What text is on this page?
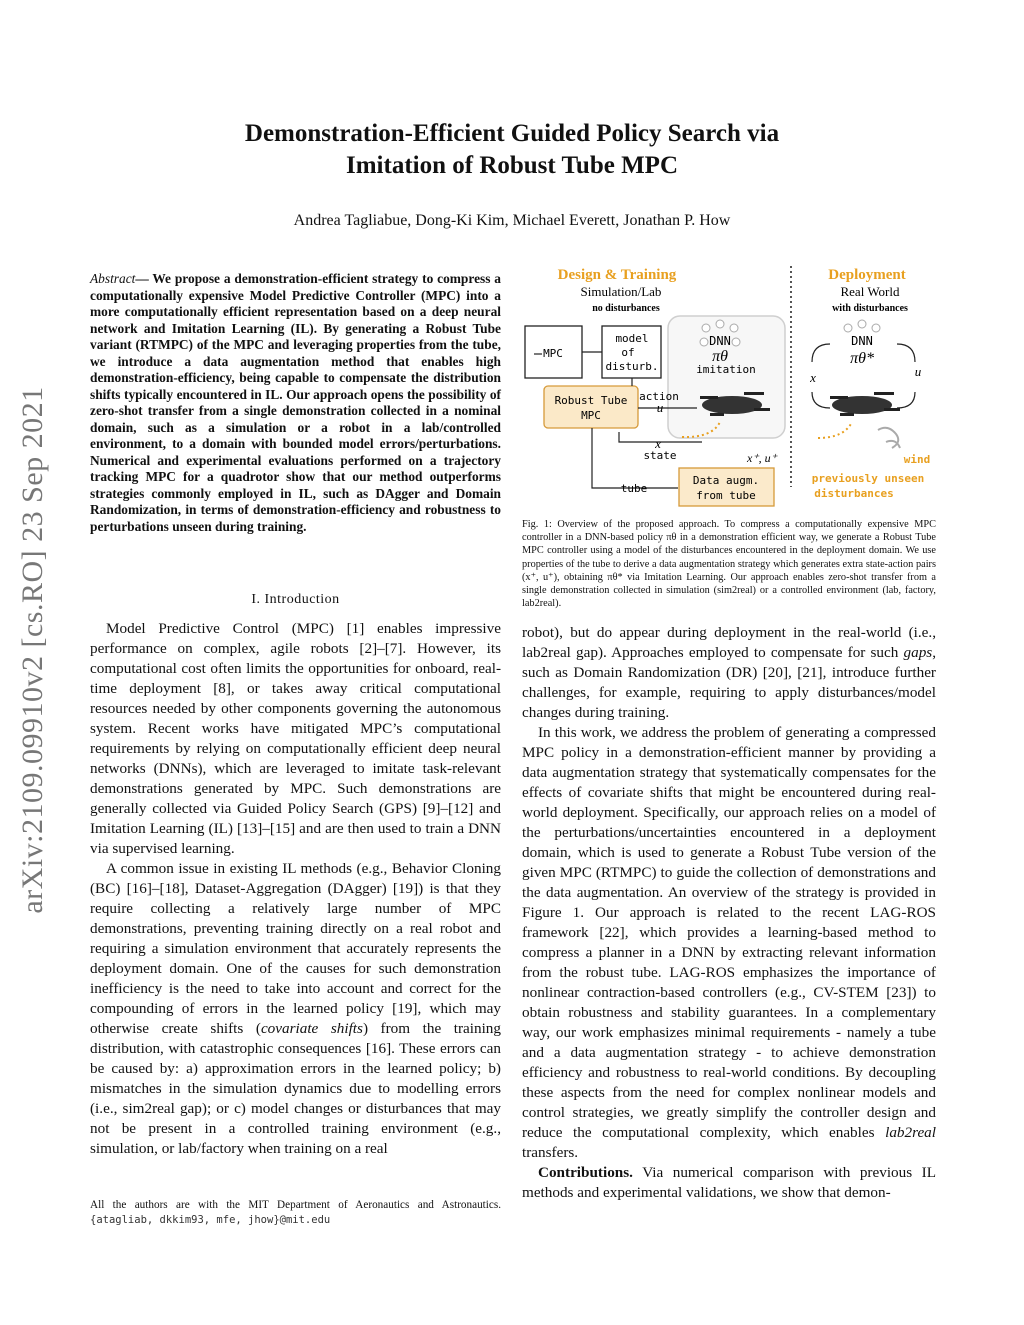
Demonstration-Efficient Guided Policy Search via
Imitation of Robust Tube MPC
Andrea Tagliabue, Dong-Ki Kim, Michael Everett, Jonathan P. How
arXiv:2109.09910v2 [cs.RO] 23 Sep 2021
Abstract— We propose a demonstration-efficient strategy to compress a computationally expensive Model Predictive Controller (MPC) into a more computationally efficient representation based on a deep neural network and Imitation Learning (IL). By generating a Robust Tube variant (RTMPC) of the MPC and leveraging properties from the tube, we introduce a data augmentation method that enables high demonstration-efficiency, being capable to compensate the distribution shifts typically encountered in IL. Our approach opens the possibility of zero-shot transfer from a single demonstration collected in a nominal domain, such as a simulation or a robot in a lab/controlled environment, to a domain with bounded model errors/perturbations. Numerical and experimental evaluations performed on a trajectory tracking MPC for a quadrotor show that our method outperforms strategies commonly employed in IL, such as DAgger and Domain Randomization, in terms of demonstration-efficiency and robustness to perturbations unseen during training.
I. Introduction

Model Predictive Control (MPC) [1] enables impressive performance on complex, agile robots [2]–[7]. However, its computational cost often limits the opportunities for onboard, real-time deployment [8], or takes away critical computational resources needed by other components governing the autonomous system. Recent works have mitigated MPC’s computational requirements by relying on computationally efficient deep neural networks (DNNs), which are leveraged to imitate task-relevant demonstrations generated by MPC. Such demonstrations are generally collected via Guided Policy Search (GPS) [9]–[12] and Imitation Learning (IL) [13]–[15] and are then used to train a DNN via supervised learning.

A common issue in existing IL methods (e.g., Behavior Cloning (BC) [16]–[18], Dataset-Aggregation (DAgger) [19]) is that they require collecting a relatively large number of MPC demonstrations, preventing training directly on a real robot and requiring a simulation environment that accurately represents the deployment domain. One of the causes for such demonstration inefficiency is the need to take into account and correct for the compounding of errors in the learned policy [19], which may otherwise create shifts (covariate shifts) from the training distribution, with catastrophic consequences [16]. These errors can be caused by: a) approximation errors in the learned policy; b) mismatches in the simulation dynamics due to modelling errors (i.e., sim2real gap); or c) model changes or disturbances that may not be present in a controlled training environment (e.g., simulation, or lab/factory when training on a real

All the authors are with the MIT Department of Aeronautics and Astronautics. {atagliab, dkkim93, mfe, jhow}@mit.edu
Design & Training
Simulation/Lab
no disturbances
Deployment
Real World
with disturbances
MPC
model
of
disturb.
DNN
πθ
imitation
Robust Tube
MPC
action
u
x
state
tube
Data augm.
from tube
x⁺, u⁺
DNN
πθ*
x	u
wind
previously unseen
disturbances
Fig. 1: Overview of the proposed approach. To compress a computationally expensive MPC controller in a DNN-based policy πθ in a demonstration efficient way, we generate a Robust Tube MPC controller using a model of the disturbances encountered in the deployment domain. We use properties of the tube to derive a data augmentation strategy which generates extra state-action pairs (x⁺, u⁺), obtaining πθ* via Imitation Learning. Our approach enables zero-shot transfer from a single demonstration collected in simulation (sim2real) or a controlled environment (lab, factory, lab2real).

robot), but do appear during deployment in the real-world (i.e., lab2real gap). Approaches employed to compensate for such gaps, such as Domain Randomization (DR) [20], [21], introduce further challenges, for example, requiring to apply disturbances/model changes during training.

In this work, we address the problem of generating a compressed MPC policy in a demonstration-efficient manner by providing a data augmentation strategy that systematically compensates for the effects of covariate shifts that might be encountered during real-world deployment. Specifically, our approach relies on a model of the perturbations/uncertainties encountered in a deployment domain, which is used to generate a Robust Tube version of the given MPC (RTMPC) to guide the collection of demonstrations and the data augmentation. An overview of the strategy is provided in Figure 1. Our approach is related to the recent LAG-ROS framework [22], which provides a learning-based method to compress a planner in a DNN by extracting relevant information from the robust tube. LAG-ROS emphasizes the importance of nonlinear contraction-based controllers (e.g., CV-STEM [23]) to obtain robustness and stability guarantees. In a complementary way, our work emphasizes minimal requirements - namely a tube and a data augmentation strategy - to achieve demonstration efficiency and robustness to real-world conditions. By decoupling these aspects from the need for complex nonlinear models and control strategies, we greatly simplify the controller design and reduce the computational complexity, which enables lab2real transfers.

Contributions. Via numerical comparison with previous IL methods and experimental validations, we show that demon-
